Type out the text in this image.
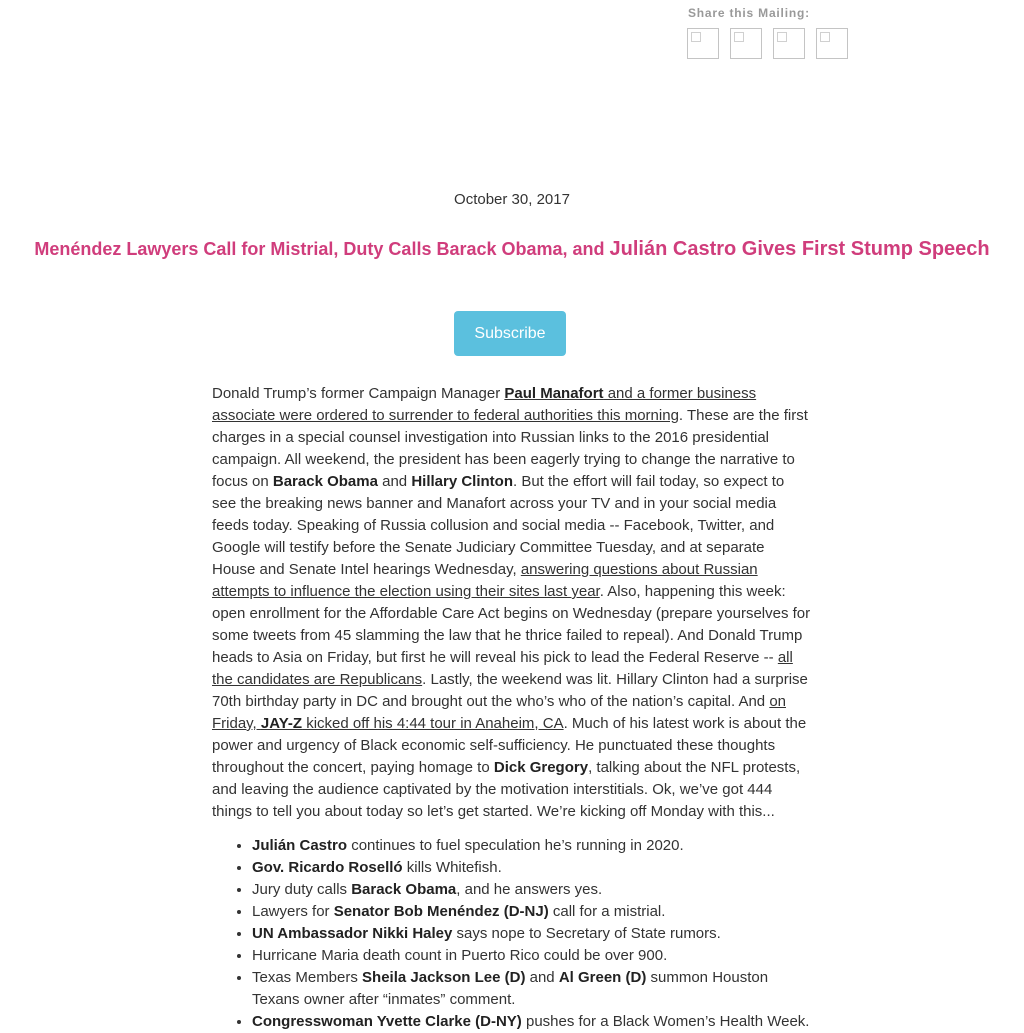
Share this Mailing:
October 30, 2017
Menéndez Lawyers Call for Mistrial, Duty Calls Barack Obama, and Julián Castro Gives First Stump Speech
Subscribe

Donald Trump’s former Campaign Manager Paul Manafort and a former business associate were ordered to surrender to federal authorities this morning. These are the first charges in a special counsel investigation into Russian links to the 2016 presidential campaign. All weekend, the president has been eagerly trying to change the narrative to focus on Barack Obama and Hillary Clinton. But the effort will fail today, so expect to see the breaking news banner and Manafort across your TV and in your social media feeds today. Speaking of Russia collusion and social media -- Facebook, Twitter, and Google will testify before the Senate Judiciary Committee Tuesday, and at separate House and Senate Intel hearings Wednesday, answering questions about Russian attempts to influence the election using their sites last year. Also, happening this week: open enrollment for the Affordable Care Act begins on Wednesday (prepare yourselves for some tweets from 45 slamming the law that he thrice failed to repeal). And Donald Trump heads to Asia on Friday, but first he will reveal his pick to lead the Federal Reserve -- all the candidates are Republicans. Lastly, the weekend was lit. Hillary Clinton had a surprise 70th birthday party in DC and brought out the who’s who of the nation’s capital. And on Friday, JAY-Z kicked off his 4:44 tour in Anaheim, CA. Much of his latest work is about the power and urgency of Black economic self-sufficiency. He punctuated these thoughts throughout the concert, paying homage to Dick Gregory, talking about the NFL protests, and leaving the audience captivated by the motivation interstitials. Ok, we’ve got 444 things to tell you about today so let’s get started. We’re kicking off Monday with this...

• Julián Castro continues to fuel speculation he’s running in 2020.
• Gov. Ricardo Roselló kills Whitefish.
• Jury duty calls Barack Obama, and he answers yes.
• Lawyers for Senator Bob Menéndez (D-NJ) call for a mistrial.
• UN Ambassador Nikki Haley says nope to Secretary of State rumors.
• Hurricane Maria death count in Puerto Rico could be over 900.
• Texas Members Sheila Jackson Lee (D) and Al Green (D) summon Houston Texans owner after “inmates” comment.
• Congresswoman Yvette Clarke (D-NY) pushes for a Black Women’s Health Week.
